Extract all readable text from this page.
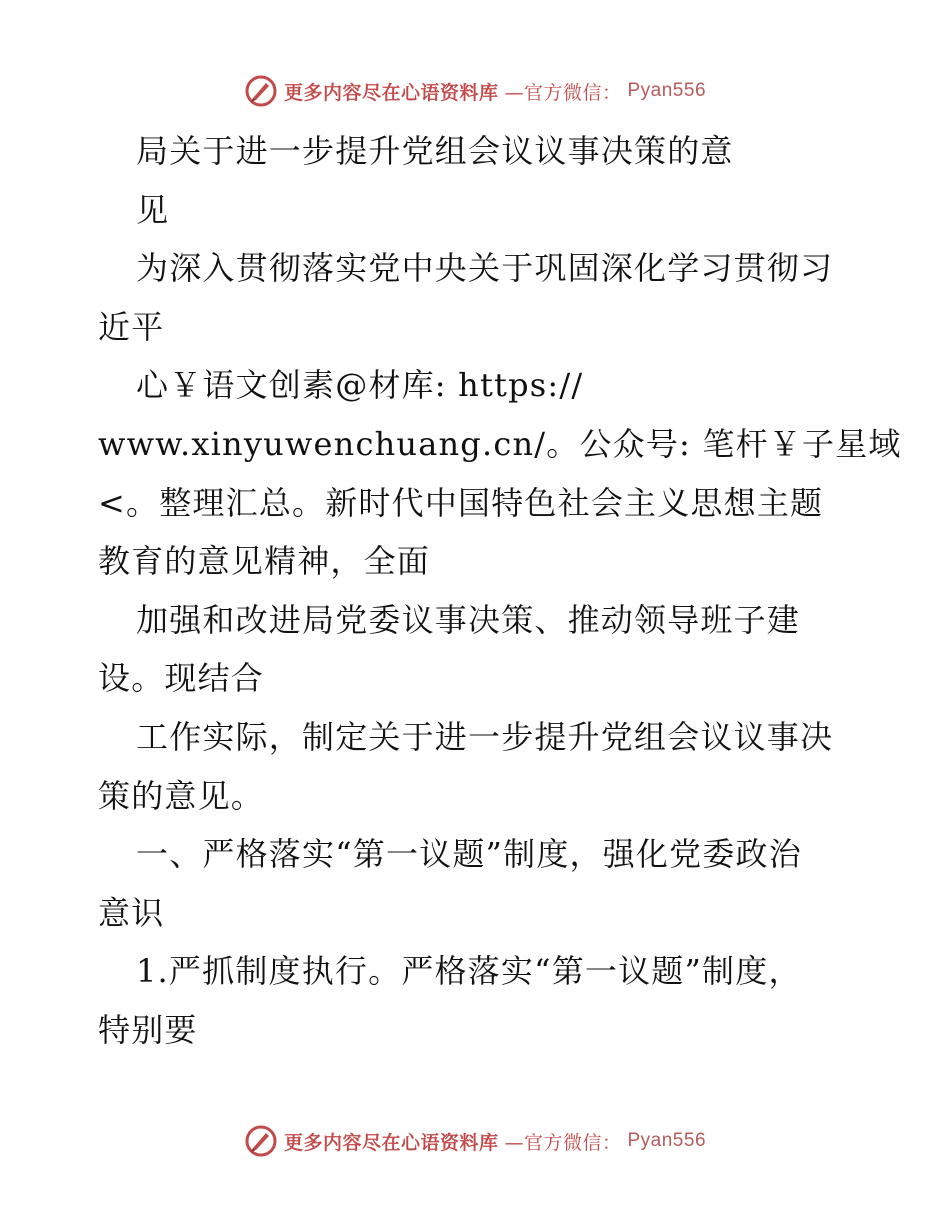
更多内容尽在心语资料库 —官方微信： Pyan556
局关于进一步提升党组会议议事决策的意
见
为深入贯彻落实党中央关于巩固深化学习贯彻习
近平
心￥语文创素@材库: https://
www.xinyuwenchuang.cn/。公众号: 笔杆￥子星域
<。整理汇总。新时代中国特色社会主义思想主题
教育的意见精神，全面
加强和改进局党委议事决策、推动领导班子建
设。现结合
工作实际，制定关于进一步提升党组会议议事决
策的意见。
一、严格落实“第一议题”制度，强化党委政治
意识
1.严抓制度执行。严格落实“第一议题”制度，
特别要
更多内容尽在心语资料库 —官方微信： Pyan556
